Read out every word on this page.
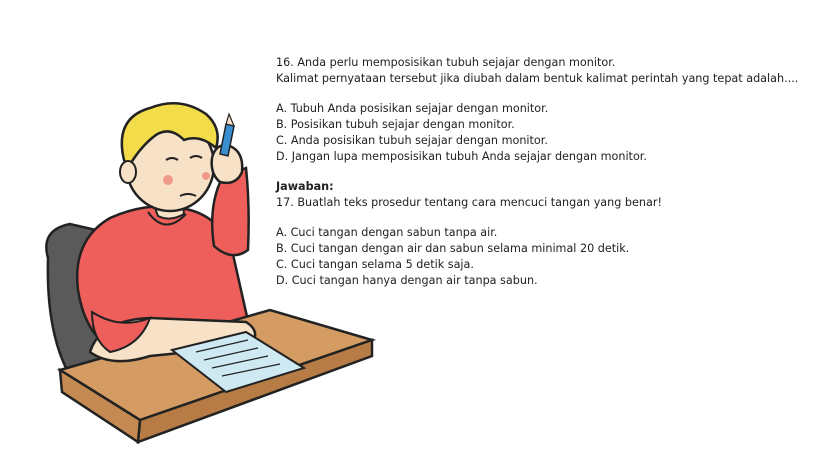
16. Anda perlu memposisikan tubuh sejajar dengan monitor.

Kalimat pernyataan tersebut jika diubah dalam bentuk kalimat perintah yang tepat adalah....

A. Tubuh Anda posisikan sejajar dengan monitor.

B. Posisikan tubuh sejajar dengan monitor.

C. Anda posisikan tubuh sejajar dengan monitor.

D. Jangan lupa memposisikan tubuh Anda sejajar dengan monitor.

Jawaban:

17. Buatlah teks prosedur tentang cara mencuci tangan yang benar!

A. Cuci tangan dengan sabun tanpa air.

B. Cuci tangan dengan air dan sabun selama minimal 20 detik.

C. Cuci tangan selama 5 detik saja.

D. Cuci tangan hanya dengan air tanpa sabun.
